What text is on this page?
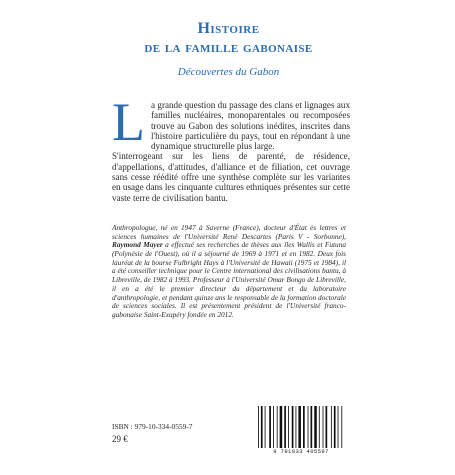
Histoire
de la famille gabonaise
Découvertes du Gabon
L a grande question du passage des clans et lignages aux familles nucléaires, monoparentales ou recomposées trouve au Gabon des solutions inédites, inscrites dans l'histoire particulière du pays, tout en répondant à une dynamique structurelle plus large.

S'interrogeant sur les liens de parenté, de résidence, d'appellations, d'attitudes, d'alliance et de filiation, cet ouvrage sans cesse réédité offre une synthèse complète sur les variantes en usage dans les cinquante cultures ethniques présentes sur cette vaste terre de civilisation bantu.

Anthropologue, né en 1947 à Saverne (France), docteur d'État ès lettres et sciences humaines de l'Université René Descartes (Paris V - Sorbonne), Raymond Mayer a effectué ses recherches de thèses aux îles Wallis et Futuna (Polynésie de l'Ouest), où il a séjourné de 1969 à 1971 et en 1982. Deux fois lauréat de la bourse Fulbright Hays à l'Université de Hawaii (1975 et 1984), il a été conseiller technique pour le Centre international des civilisations bantu, à Libreville, de 1982 à 1993. Professeur à l'Université Omar Bongo de Libreville, il en a été le premier directeur du département et du laboratoire d'anthropologie, et pendant quinze ans le responsable de la formation doctorale de sciences sociales. Il est présentement président de l'Université franco-gabonaise Saint-Exupéry fondée en 2012.
ISBN : 979-10-334-0559-7
29 €
9 791033 405597
